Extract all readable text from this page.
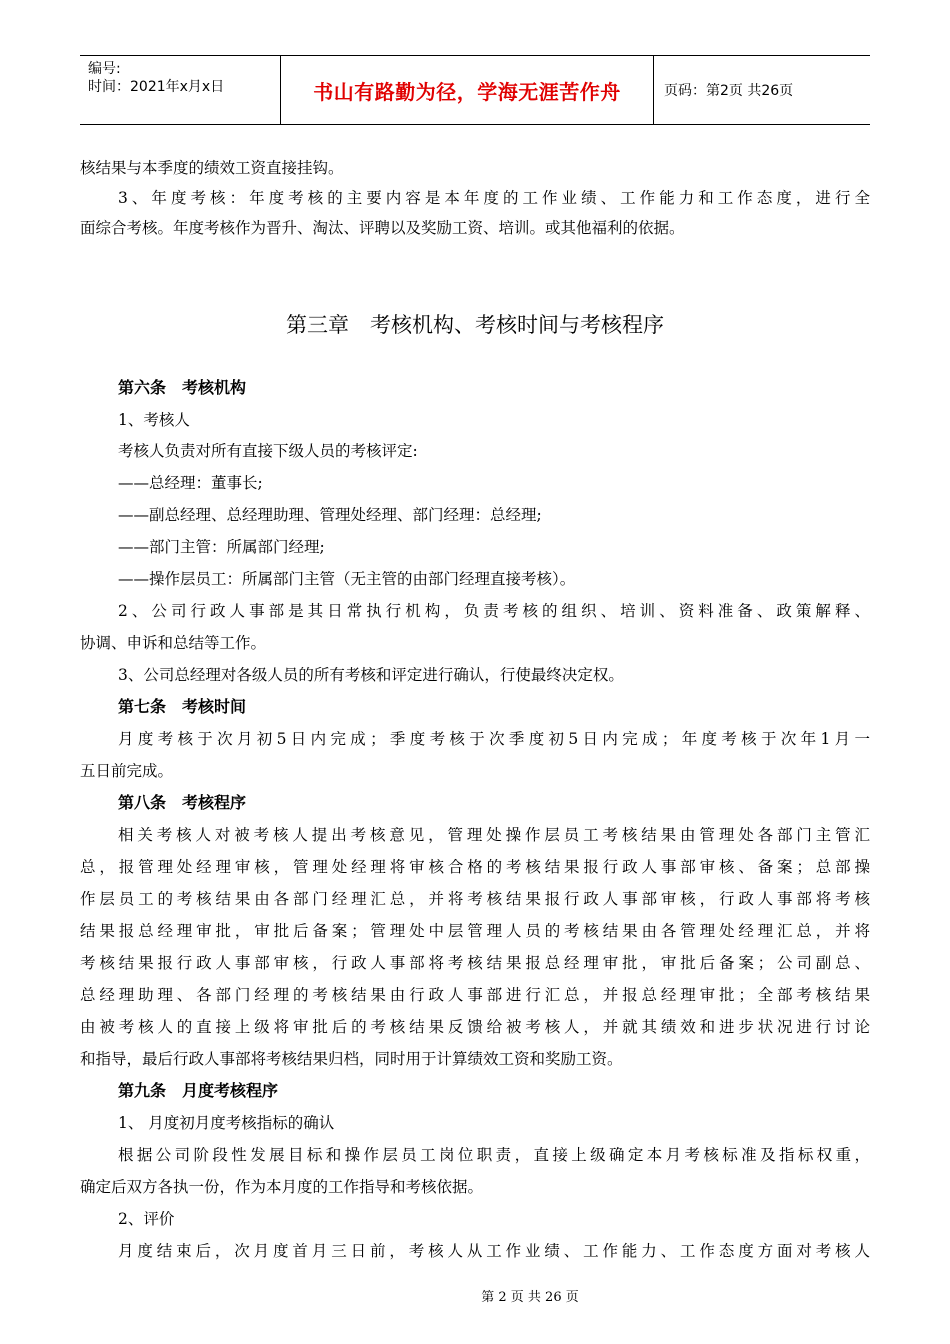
编号:
时间：2021年x月x日	书山有路勤为径，学海无涯苦作舟	页码：第2页 共26页
核结果与本季度的绩效工资直接挂钩。
3、年度考核：年度考核的主要内容是本年度的工作业绩、工作能力和工作态度，进行全
面综合考核。年度考核作为晋升、淘汰、评聘以及奖励工资、培训。或其他福利的依据。
第三章　考核机构、考核时间与考核程序
第六条　考核机构
1、考核人
考核人负责对所有直接下级人员的考核评定:
——总经理：董事长;
——副总经理、总经理助理、管理处经理、部门经理：总经理;
——部门主管：所属部门经理;
——操作层员工：所属部门主管（无主管的由部门经理直接考核）。
2、公司行政人事部是其日常执行机构，负责考核的组织、培训、资料准备、政策解释、
协调、申诉和总结等工作。
3、公司总经理对各级人员的所有考核和评定进行确认，行使最终决定权。
第七条　考核时间
月度考核于次月初5日内完成；季度考核于次季度初5日内完成；年度考核于次年1月一
五日前完成。
第八条　考核程序
相关考核人对被考核人提出考核意见，管理处操作层员工考核结果由管理处各部门主管汇
总，报管理处经理审核，管理处经理将审核合格的考核结果报行政人事部审核、备案；总部操
作层员工的考核结果由各部门经理汇总，并将考核结果报行政人事部审核，行政人事部将考核
结果报总经理审批，审批后备案；管理处中层管理人员的考核结果由各管理处经理汇总，并将
考核结果报行政人事部审核，行政人事部将考核结果报总经理审批，审批后备案；公司副总、
总经理助理、各部门经理的考核结果由行政人事部进行汇总，并报总经理审批；全部考核结果
由被考核人的直接上级将审批后的考核结果反馈给被考核人，并就其绩效和进步状况进行讨论
和指导，最后行政人事部将考核结果归档，同时用于计算绩效工资和奖励工资。
第九条　月度考核程序
1、 月度初月度考核指标的确认
根据公司阶段性发展目标和操作层员工岗位职责，直接上级确定本月考核标准及指标权重，
确定后双方各执一份，作为本月度的工作指导和考核依据。
2、评价
月度结束后，次月度首月三日前，考核人从工作业绩、工作能力、工作态度方面对考核人
第 2 页 共 26 页
